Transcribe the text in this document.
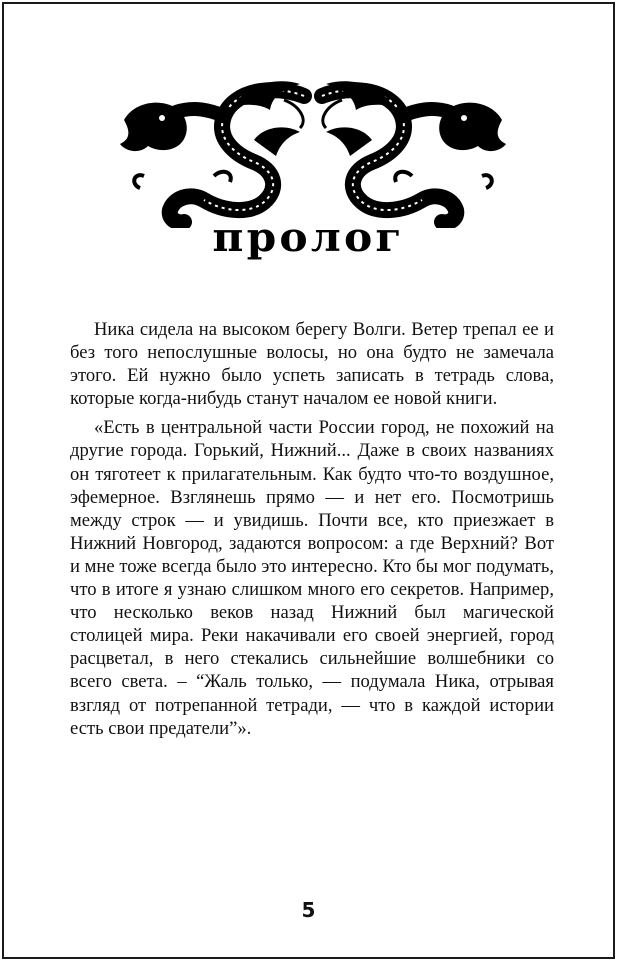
пролог

Ника сидела на высоком берегу Волги. Ветер трепал ее и без того непослушные волосы, но она будто не замечала этого. Ей нужно было успеть записать в тетрадь слова, которые когда-нибудь станут началом ее новой книги.

«Есть в центральной части России город, не похожий на другие города. Горький, Нижний... Даже в своих названиях он тяготеет к прилагательным. Как будто что-то воздушное, эфемерное. Взглянешь прямо — и нет его. Посмотришь между строк — и увидишь. Почти все, кто приезжает в Нижний Новгород, задаются вопросом: а где Верхний? Вот и мне тоже всегда было это интересно. Кто бы мог подумать, что в итоге я узнаю слишком много его секретов. Например, что несколько веков назад Нижний был магической столицей мира. Реки накачивали его своей энергией, город расцветал, в него стекались сильнейшие волшебники со всего света. – “Жаль только, — подумала Ника, отрывая взгляд от потрепанной тетради, — что в каждой истории есть свои предатели”».

5
